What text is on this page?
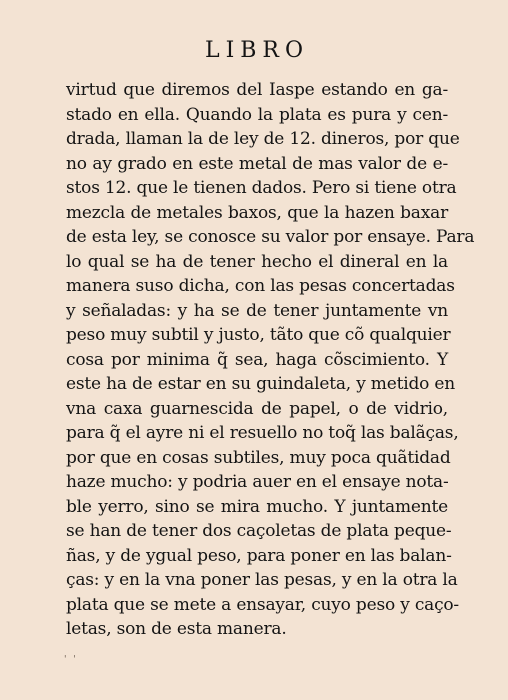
LIBRO
virtud que diremos del Iaspe estando en ga-
stado en ella. Quando la plata es pura y cen-
drada, llaman la de ley de 12. dineros, por que
no ay grado en este metal de mas valor de e-
stos 12. que le tienen dados. Pero si tiene otra
mezcla de metales baxos, que la hazen baxar
de esta ley, se conosce su valor por ensaye. Para
lo qual se ha de tener hecho el dineral en la
manera suso dicha, con las pesas concertadas
y señaladas: y ha se de tener juntamente vn
peso muy subtil y justo, tãto que cõ qualquier
cosa por minima q̃ sea, haga cõscimiento. Y
este ha de estar en su guindaleta, y metido en
vna caxa guarnescida de papel, o de vidrio,
para q̃ el ayre ni el resuello no toq̃ las balãças,
por que en cosas subtiles, muy poca quãtidad
haze mucho: y podria auer en el ensaye nota-
ble yerro, sino se mira mucho. Y juntamente
se han de tener dos caçoletas de plata peque-
ñas, y de ygual peso, para poner en las balan-
ças: y en la vna poner las pesas, y en la otra la
plata que se mete a ensayar, cuyo peso y caço-
letas, son de esta manera.
' '
